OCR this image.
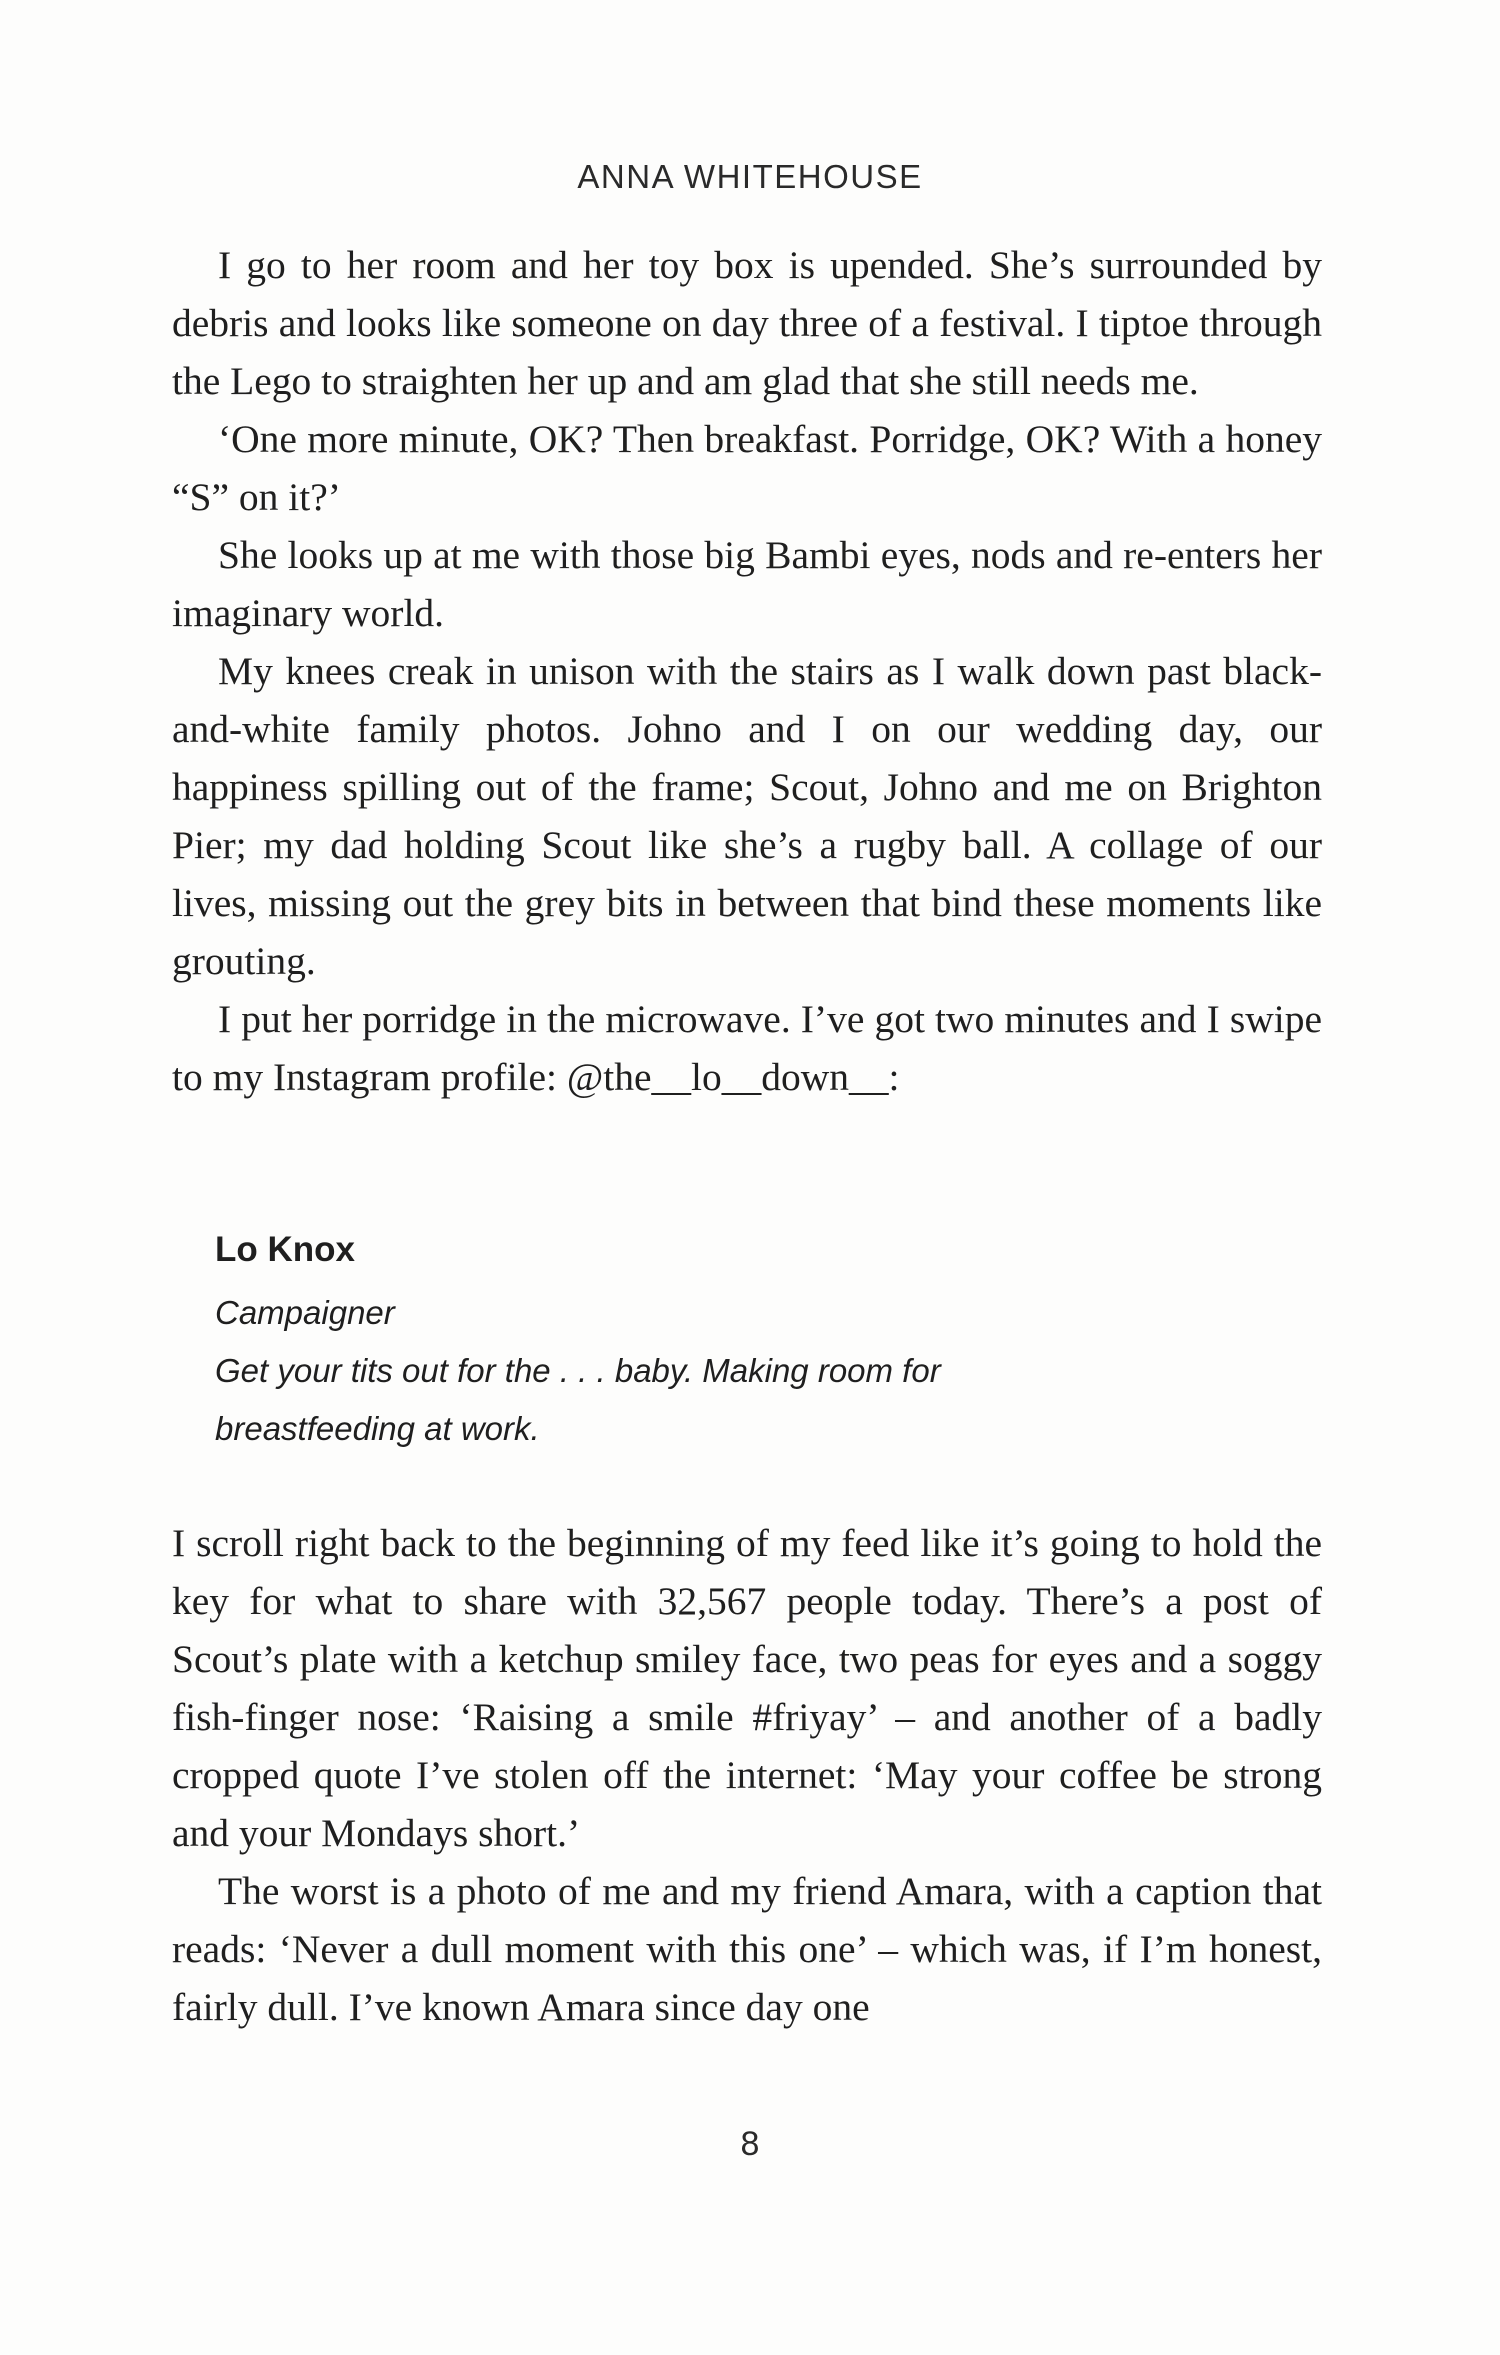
ANNA WHITEHOUSE

I go to her room and her toy box is upended. She’s surrounded by debris and looks like someone on day three of a festival. I tiptoe through the Lego to straighten her up and am glad that she still needs me.

‘One more minute, OK? Then breakfast. Porridge, OK? With a honey “S” on it?’

She looks up at me with those big Bambi eyes, nods and re-enters her imaginary world.

My knees creak in unison with the stairs as I walk down past black-and-white family photos. Johno and I on our wedding day, our happiness spilling out of the frame; Scout, Johno and me on Brighton Pier; my dad holding Scout like she’s a rugby ball. A collage of our lives, missing out the grey bits in between that bind these moments like grouting.

I put her porridge in the microwave. I’ve got two minutes and I swipe to my Instagram profile: @the__lo__down__:

Lo Knox
Campaigner
Get your tits out for the . . . baby. Making room for
breastfeeding at work.

I scroll right back to the beginning of my feed like it’s going to hold the key for what to share with 32,567 people today. There’s a post of Scout’s plate with a ketchup smiley face, two peas for eyes and a soggy fish-finger nose: ‘Raising a smile #friyay’ – and another of a badly cropped quote I’ve stolen off the internet: ‘May your coffee be strong and your Mondays short.’

The worst is a photo of me and my friend Amara, with a caption that reads: ‘Never a dull moment with this one’ – which was, if I’m honest, fairly dull. I’ve known Amara since day one

8
